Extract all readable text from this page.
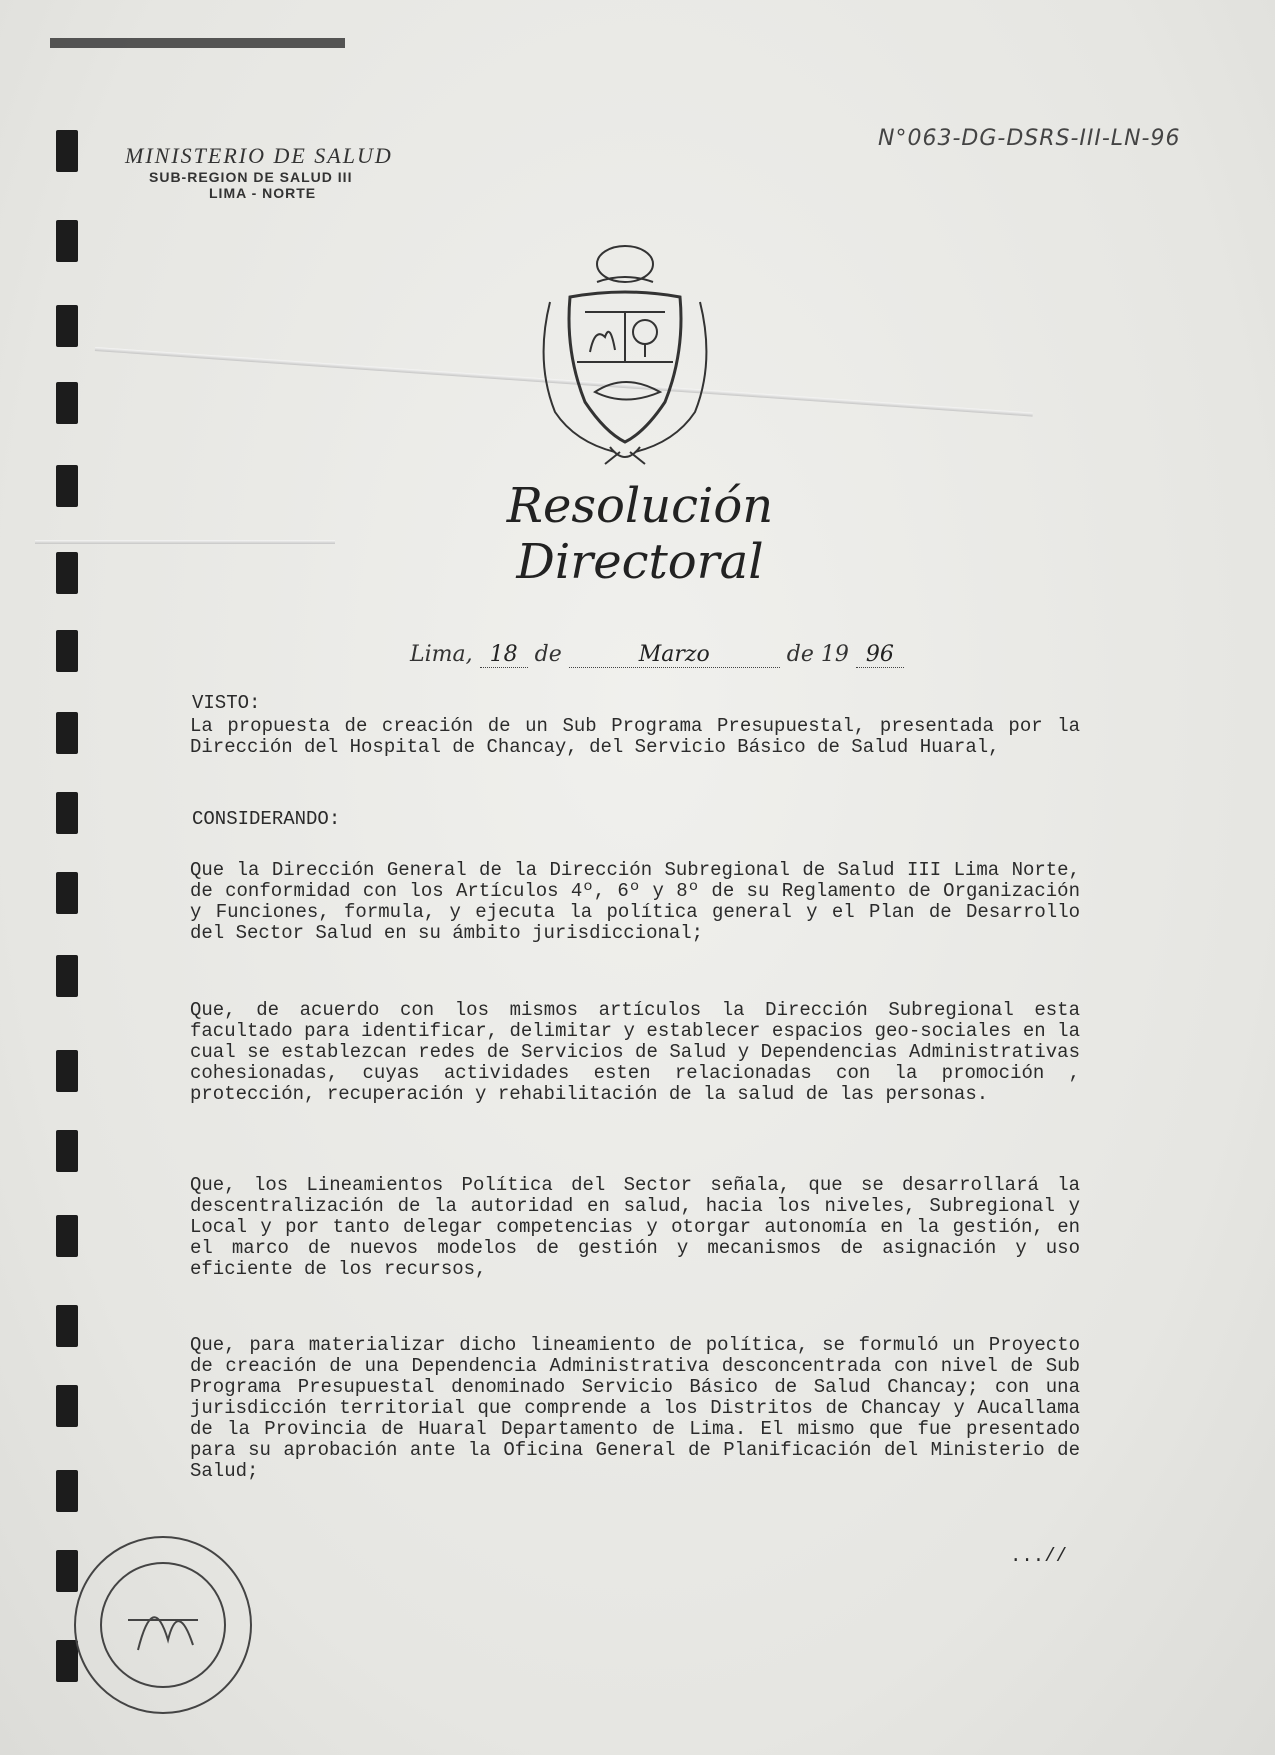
MINISTERIO DE SALUD
SUB-REGION DE SALUD III
LIMA - NORTE
N°063-DG-DSRS-III-LN-96
Resolución Directoral
Lima, 18 de	Marzo	de 19 96
VISTO:

La propuesta de creación de un Sub Programa Presupuestal, presentada por la Dirección del Hospital de Chancay, del Servicio Básico de Salud Huaral,

CONSIDERANDO:

Que la Dirección General de la Dirección Subregional de Salud III Lima Norte, de conformidad con los Artículos 4º, 6º y 8º de su Reglamento de Organización y Funciones, formula, y ejecuta la política general y el Plan de Desarrollo del Sector Salud en su ámbito jurisdiccional;

Que, de acuerdo con los mismos artículos la Dirección Subregional esta facultado para identificar, delimitar y establecer espacios geo-sociales en la cual se establezcan redes de Servicios de Salud y Dependencias Administrativas cohesionadas, cuyas actividades esten relacionadas con la promoción , protección, recuperación y rehabilitación de la salud de las personas.

Que, los Lineamientos Política del Sector señala, que se desarrollará la descentralización de la autoridad en salud, hacia los niveles, Subregional y Local y por tanto delegar competencias y otorgar autonomía en la gestión, en el marco de nuevos modelos de gestión y mecanismos de asignación y uso eficiente de los recursos,

Que, para materializar dicho lineamiento de política, se formuló un Proyecto de creación de una Dependencia Administrativa desconcentrada con nivel de Sub Programa Presupuestal denominado Servicio Básico de Salud Chancay; con una jurisdicción territorial que comprende a los Distritos de Chancay y Aucallama de la Provincia de Huaral Departamento de Lima. El mismo que fue presentado para su aprobación ante la Oficina General de Planificación del Ministerio de Salud;

...//
